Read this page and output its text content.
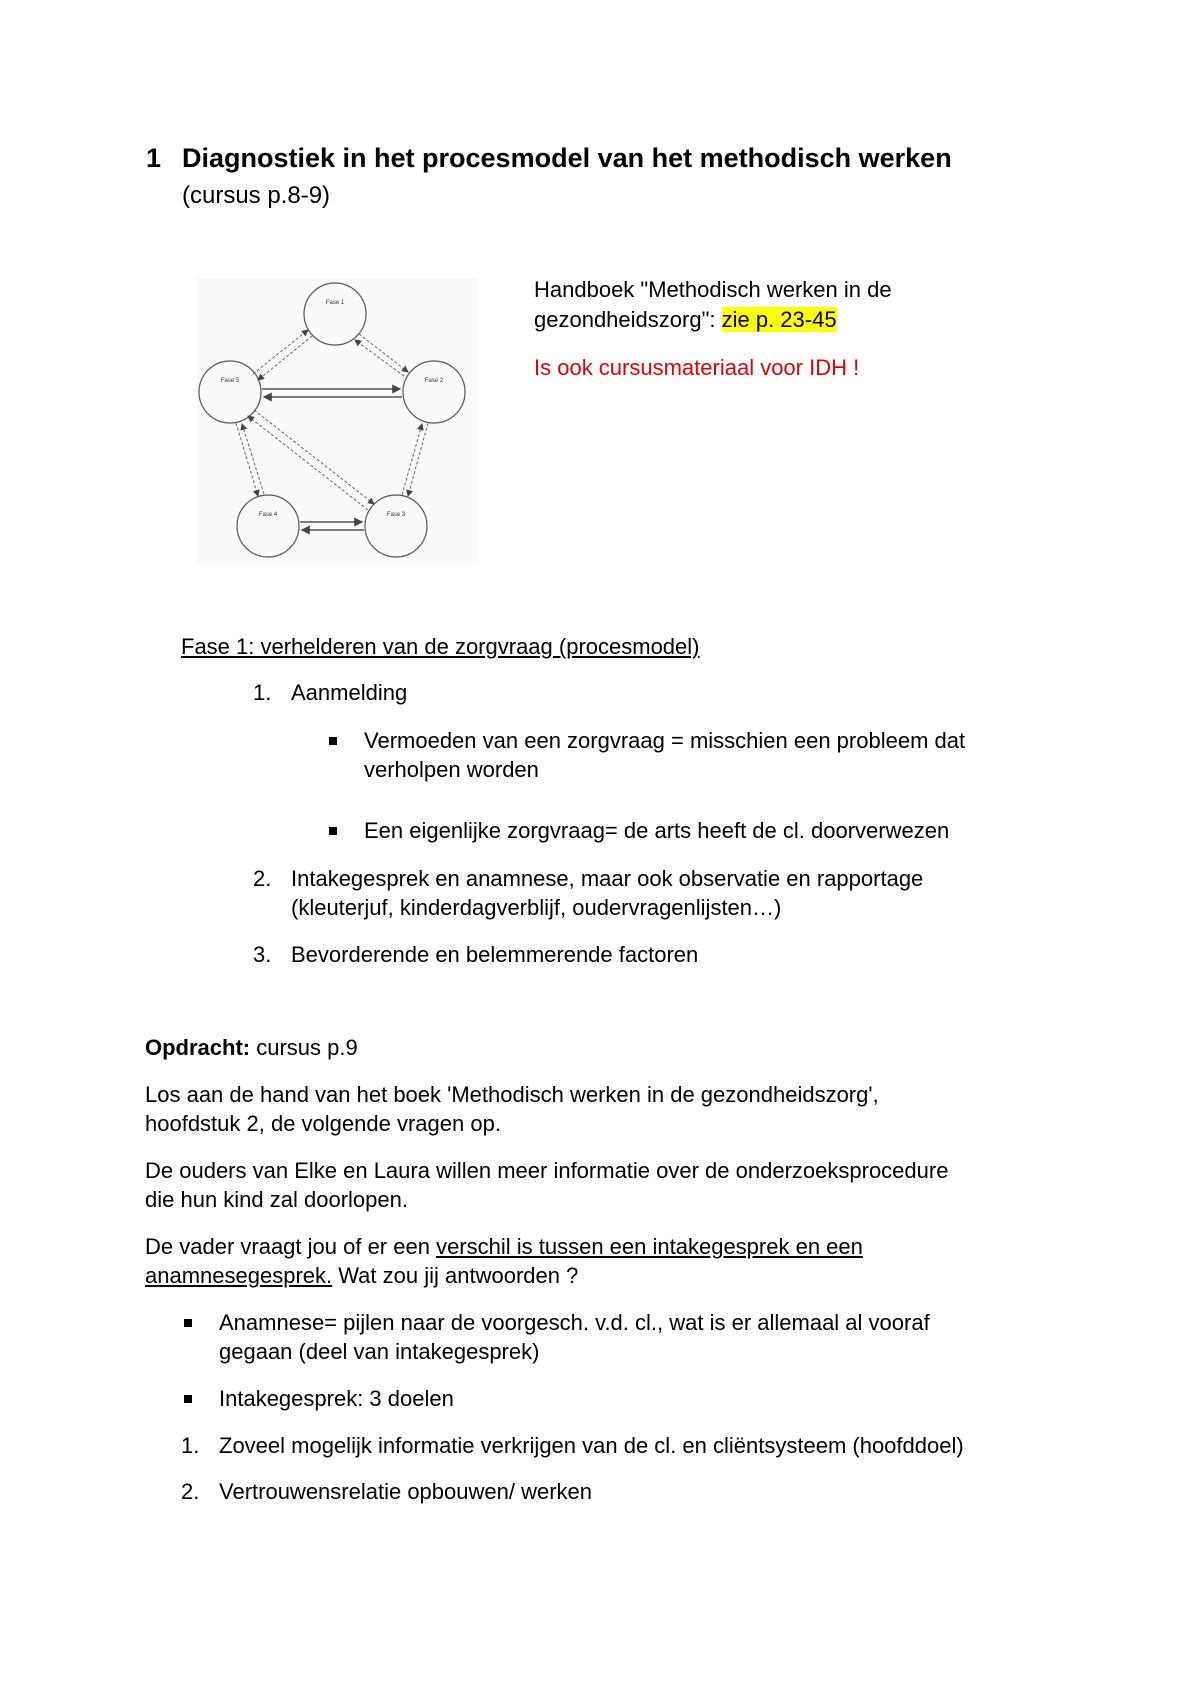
1 Diagnostiek in het procesmodel van het methodisch werken
(cursus p.8-9)
Fase 1
Fase 2
Fase 3
Fase 4
Fase 5
Handboek "Methodisch werken in de
gezondheidszorg": zie p. 23-45
Is ook cursusmateriaal voor IDH !
Fase 1: verhelderen van de zorgvraag (procesmodel)
1. Aanmelding
Vermoeden van een zorgvraag = misschien een probleem dat
verholpen worden
Een eigenlijke zorgvraag= de arts heeft de cl. doorverwezen
2. Intakegesprek en anamnese, maar ook observatie en rapportage
(kleuterjuf, kinderdagverblijf, oudervragenlijsten…)
3. Bevorderende en belemmerende factoren
Opdracht: cursus p.9
Los aan de hand van het boek 'Methodisch werken in de gezondheidszorg',
hoofdstuk 2, de volgende vragen op.
De ouders van Elke en Laura willen meer informatie over de onderzoeksprocedure
die hun kind zal doorlopen.
De vader vraagt jou of er een verschil is tussen een intakegesprek en een
anamnesegesprek. Wat zou jij antwoorden ?
Anamnese= pijlen naar de voorgesch. v.d. cl., wat is er allemaal al vooraf
gegaan (deel van intakegesprek)
Intakegesprek: 3 doelen
1. Zoveel mogelijk informatie verkrijgen van de cl. en cliëntsysteem (hoofddoel)
2. Vertrouwensrelatie opbouwen/ werken
